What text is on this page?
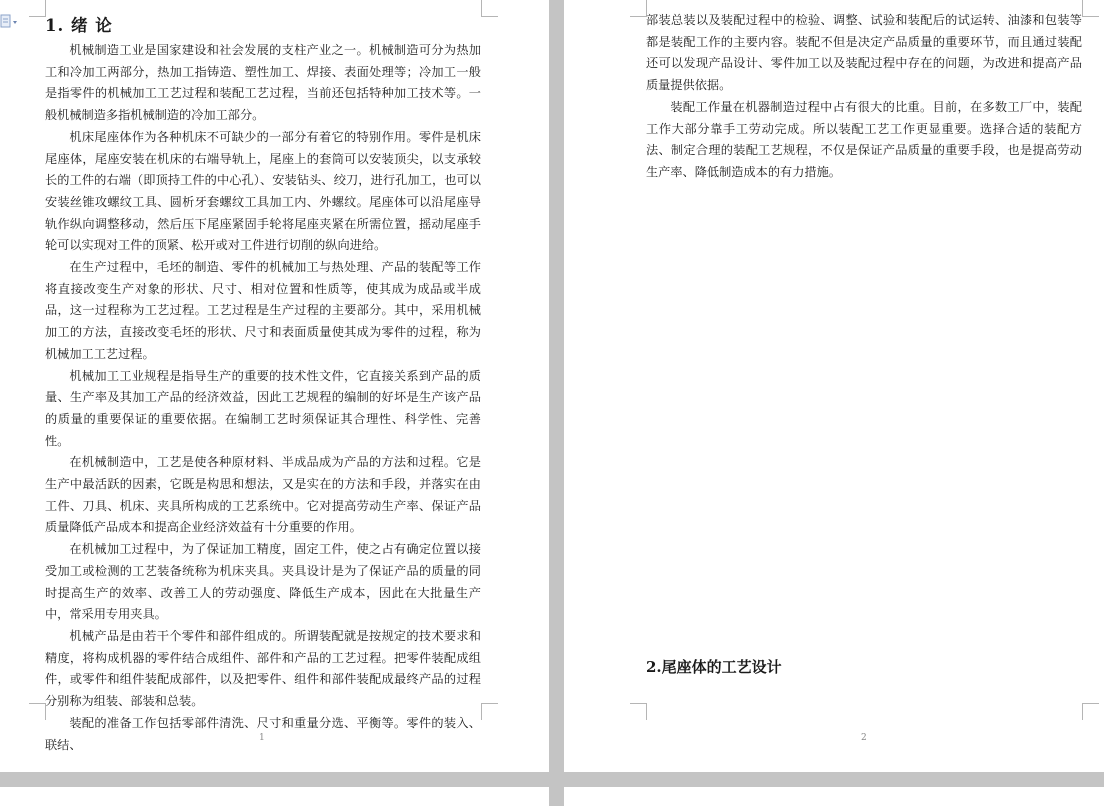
1. 绪 论

机械制造工业是国家建设和社会发展的支柱产业之一。机械制造可分为热加工和冷加工两部分，热加工指铸造、塑性加工、焊接、表面处理等；冷加工一般是指零件的机械加工工艺过程和装配工艺过程，当前还包括特种加工技术等。一般机械制造多指机械制造的冷加工部分。

机床尾座体作为各种机床不可缺少的一部分有着它的特别作用。零件是机床尾座体，尾座安装在机床的右端导轨上，尾座上的套筒可以安装顶尖，以支承较长的工件的右端（即顶持工件的中心孔）、安装钻头、绞刀，进行孔加工，也可以安装丝锥攻螺纹工具、圆析牙套螺纹工具加工内、外螺纹。尾座体可以沿尾座导轨作纵向调整移动，然后压下尾座紧固手轮将尾座夹紧在所需位置，摇动尾座手轮可以实现对工件的顶紧、松开或对工件进行切削的纵向进给。

在生产过程中，毛坯的制造、零件的机械加工与热处理、产品的装配等工作将直接改变生产对象的形状、尺寸、相对位置和性质等，使其成为成品或半成品，这一过程称为工艺过程。工艺过程是生产过程的主要部分。其中，采用机械加工的方法，直接改变毛坯的形状、尺寸和表面质量使其成为零件的过程，称为机械加工工艺过程。

机械加工工业规程是指导生产的重要的技术性文件，它直接关系到产品的质量、生产率及其加工产品的经济效益，因此工艺规程的编制的好坏是生产该产品的质量的重要保证的重要依据。在编制工艺时须保证其合理性、科学性、完善性。

在机械制造中，工艺是使各种原材料、半成品成为产品的方法和过程。它是生产中最活跃的因素，它既是构思和想法，又是实在的方法和手段，并落实在由工件、刀具、机床、夹具所构成的工艺系统中。它对提高劳动生产率、保证产品质量降低产品成本和提高企业经济效益有十分重要的作用。

在机械加工过程中，为了保证加工精度，固定工件，使之占有确定位置以接受加工或检测的工艺装备统称为机床夹具。夹具设计是为了保证产品的质量的同时提高生产的效率、改善工人的劳动强度、降低生产成本，因此在大批量生产中，常采用专用夹具。

机械产品是由若干个零件和部件组成的。所谓装配就是按规定的技术要求和精度，将构成机器的零件结合成组件、部件和产品的工艺过程。把零件装配成组件，或零件和组件装配成部件，以及把零件、组件和部件装配成最终产品的过程分别称为组装、部装和总装。

装配的准备工作包括零部件清洗、尺寸和重量分选、平衡等。零件的装入、联结、	1

部装总装以及装配过程中的检验、调整、试验和装配后的试运转、油漆和包装等都是装配工作的主要内容。装配不但是决定产品质量的重要环节，而且通过装配还可以发现产品设计、零件加工以及装配过程中存在的问题，为改进和提高产品质量提供依据。

装配工作量在机器制造过程中占有很大的比重。目前，在多数工厂中，装配工作大部分靠手工劳动完成。所以装配工艺工作更显重要。选择合适的装配方法、制定合理的装配工艺规程，不仅是保证产品质量的重要手段，也是提高劳动生产率、降低制造成本的有力措施。

2.尾座体的工艺设计
2
